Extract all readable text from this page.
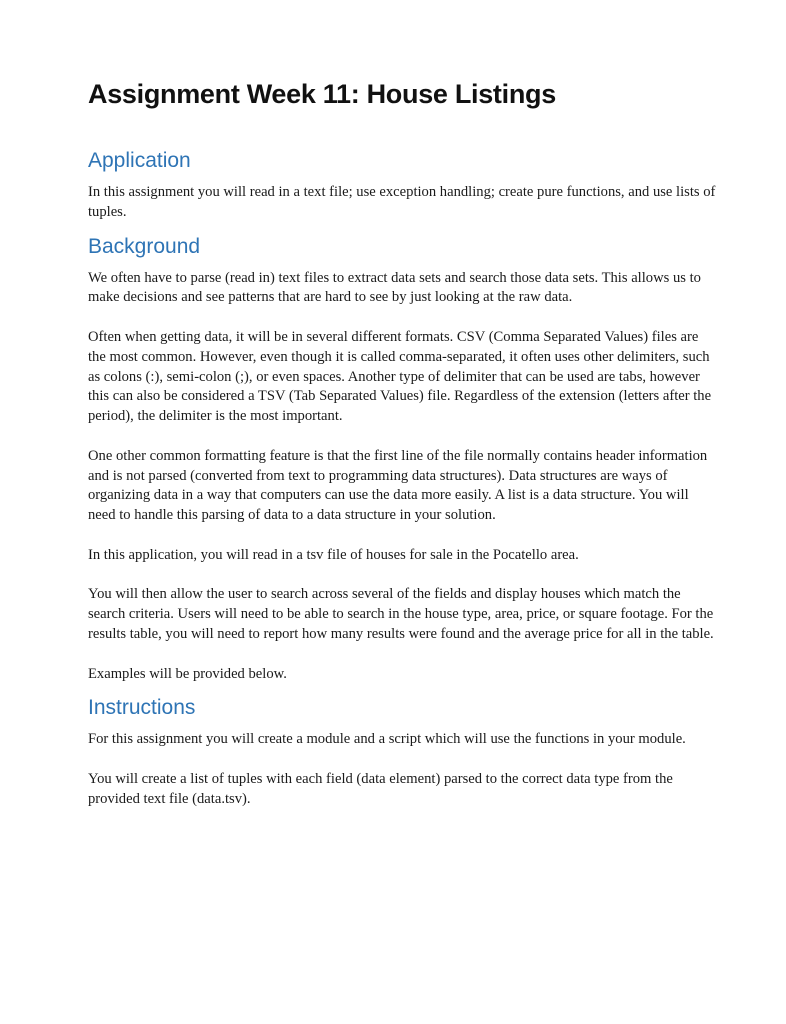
Assignment Week 11: House Listings
Application

In this assignment you will read in a text file; use exception handling; create pure functions, and use lists of tuples.

Background

We often have to parse (read in) text files to extract data sets and search those data sets. This allows us to make decisions and see patterns that are hard to see by just looking at the raw data.

Often when getting data, it will be in several different formats. CSV (Comma Separated Values) files are the most common. However, even though it is called comma-separated, it often uses other delimiters, such as colons (:), semi-colon (;), or even spaces. Another type of delimiter that can be used are tabs, however this can also be considered a TSV (Tab Separated Values) file. Regardless of the extension (letters after the period), the delimiter is the most important.

One other common formatting feature is that the first line of the file normally contains header information and is not parsed (converted from text to programming data structures). Data structures are ways of organizing data in a way that computers can use the data more easily. A list is a data structure. You will need to handle this parsing of data to a data structure in your solution.

In this application, you will read in a tsv file of houses for sale in the Pocatello area.

You will then allow the user to search across several of the fields and display houses which match the search criteria. Users will need to be able to search in the house type, area, price, or square footage. For the results table, you will need to report how many results were found and the average price for all in the table.

Examples will be provided below.

Instructions

For this assignment you will create a module and a script which will use the functions in your module.

You will create a list of tuples with each field (data element) parsed to the correct data type from the provided text file (data.tsv).
